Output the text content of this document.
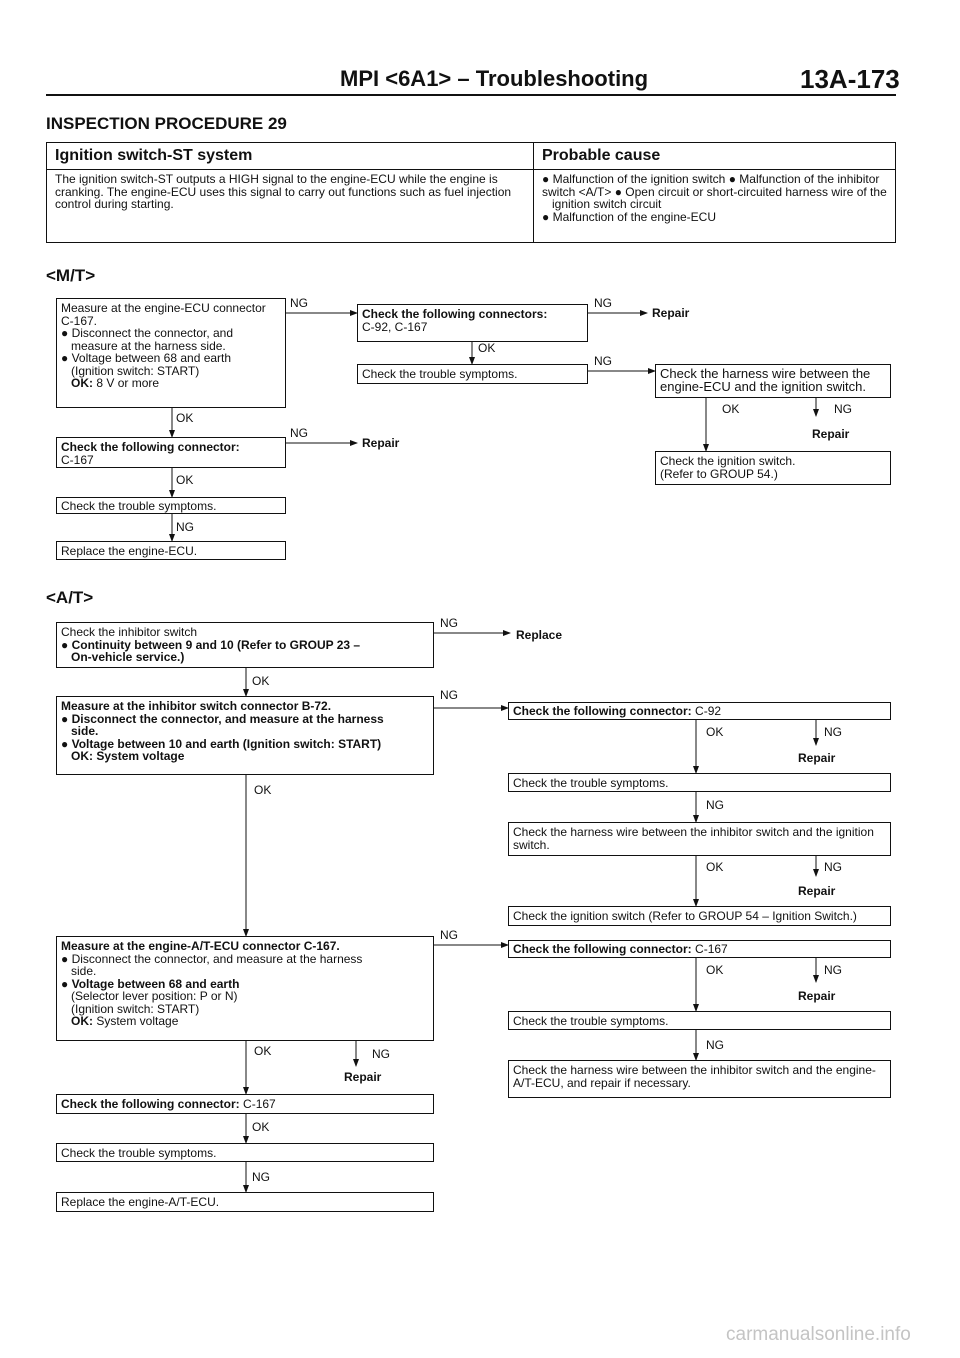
MPI <6A1> – Troubleshooting	13A-173
INSPECTION PROCEDURE 29
Ignition switch-ST system	Probable cause
The ignition switch-ST outputs a HIGH signal to the engine-ECU while the engine is cranking. The engine-ECU uses this signal to carry out functions such as fuel injection control during starting.	● Malfunction of the ignition switch ● Malfunction of the inhibitor switch <A/T> ● Open circuit or short-circuited harness wire of the
ignition switch circuit
● Malfunction of the engine-ECU
<M/T>
Measure at the engine-ECU connector
C-167.
● Disconnect the connector, and
measure at the harness side.
● Voltage between 68 and earth
(Ignition switch: START)
OK: 8 V or more
Check the following connectors:
C-92, C-167
Check the trouble symptoms.	Check the harness wire between the
engine-ECU and the ignition switch.
Check the ignition switch.
(Refer to GROUP 54.)
Check the following connector:
C-167
Check the trouble symptoms.
Replace the engine-ECU.
NG	NG
Repair
OK
NG
OK	NG
Repair
OK
NG
Repair
OK
NG
<A/T>
Check the inhibitor switch
● Continuity between 9 and 10 (Refer to GROUP 23 –
On-vehicle service.)
Measure at the inhibitor switch connector B-72.
● Disconnect the connector, and measure at the harness
side.
● Voltage between 10 and earth (Ignition switch: START)
OK: System voltage
Check the following connector: C-92
Check the trouble symptoms.
Check the harness wire between the inhibitor switch and the ignition
switch.
Check the ignition switch (Refer to GROUP 54 – Ignition Switch.)
Measure at the engine-A/T-ECU connector C-167.
● Disconnect the connector, and measure at the harness
side.
● Voltage between 68 and earth
(Selector lever position: P or N)
(Ignition switch: START)
OK: System voltage
Check the following connector: C-167
Check the trouble symptoms.
Check the harness wire between the inhibitor switch and the engine-
A/T-ECU, and repair if necessary.
Check the following connector: C-167
Check the trouble symptoms.
Replace the engine-A/T-ECU.
NG
Replace
OK
NG
OK
OK	NG
Repair
NG
OK	NG
Repair
NG
OK	NG
Repair
NG
OK	NG
Repair
OK
NG
carmanualsonline.info
